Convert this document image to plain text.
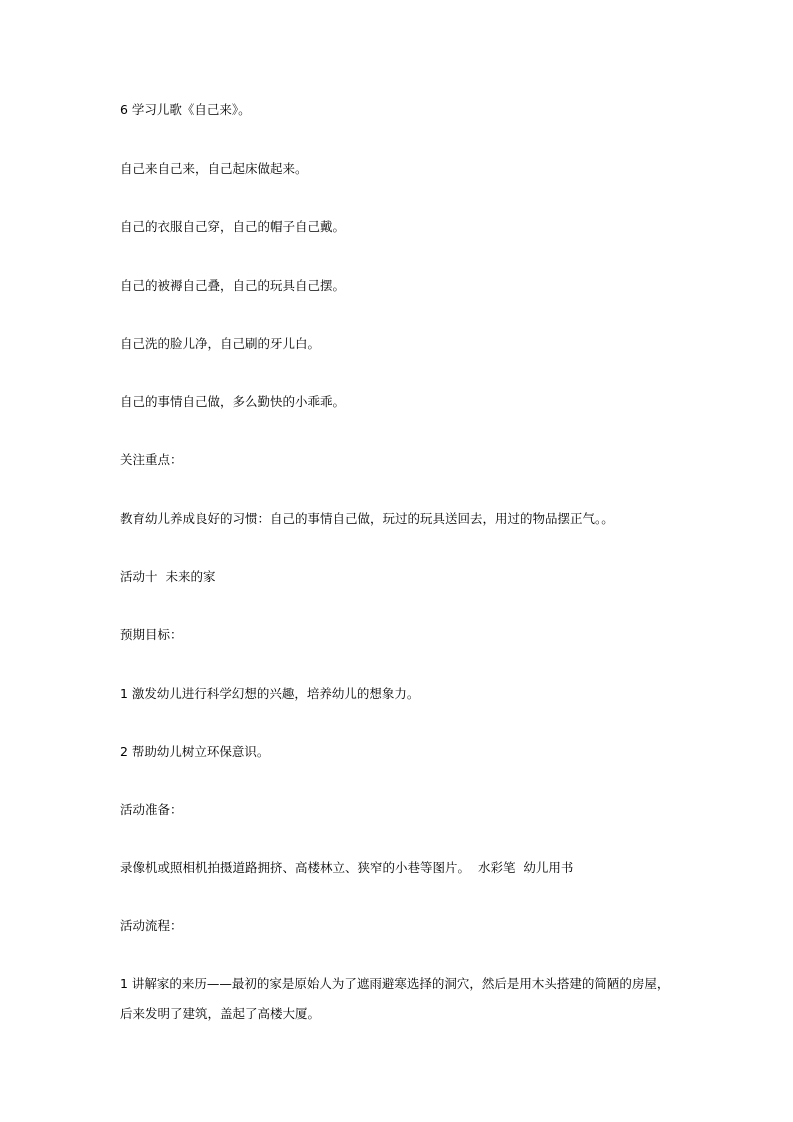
6 学习儿歌《自己来》。

自己来自己来，自己起床做起来。

自己的衣服自己穿，自己的帽子自己戴。

自己的被褥自己叠，自己的玩具自己摆。

自己洗的脸儿净，自己刷的牙儿白。

自己的事情自己做，多么勤快的小乖乖。

关注重点：

教育幼儿养成良好的习惯：自己的事情自己做，玩过的玩具送回去，用过的物品摆正气。。

活动十  未来的家

预期目标：

1 激发幼儿进行科学幻想的兴趣，培养幼儿的想象力。

2 帮助幼儿树立环保意识。

活动准备：

录像机或照相机拍摄道路拥挤、高楼林立、狭窄的小巷等图片。  水彩笔  幼儿用书

活动流程：

1 讲解家的来历——最初的家是原始人为了遮雨避寒选择的洞穴，然后是用木头搭建的简陋的房屋，后来发明了建筑，盖起了高楼大厦。
